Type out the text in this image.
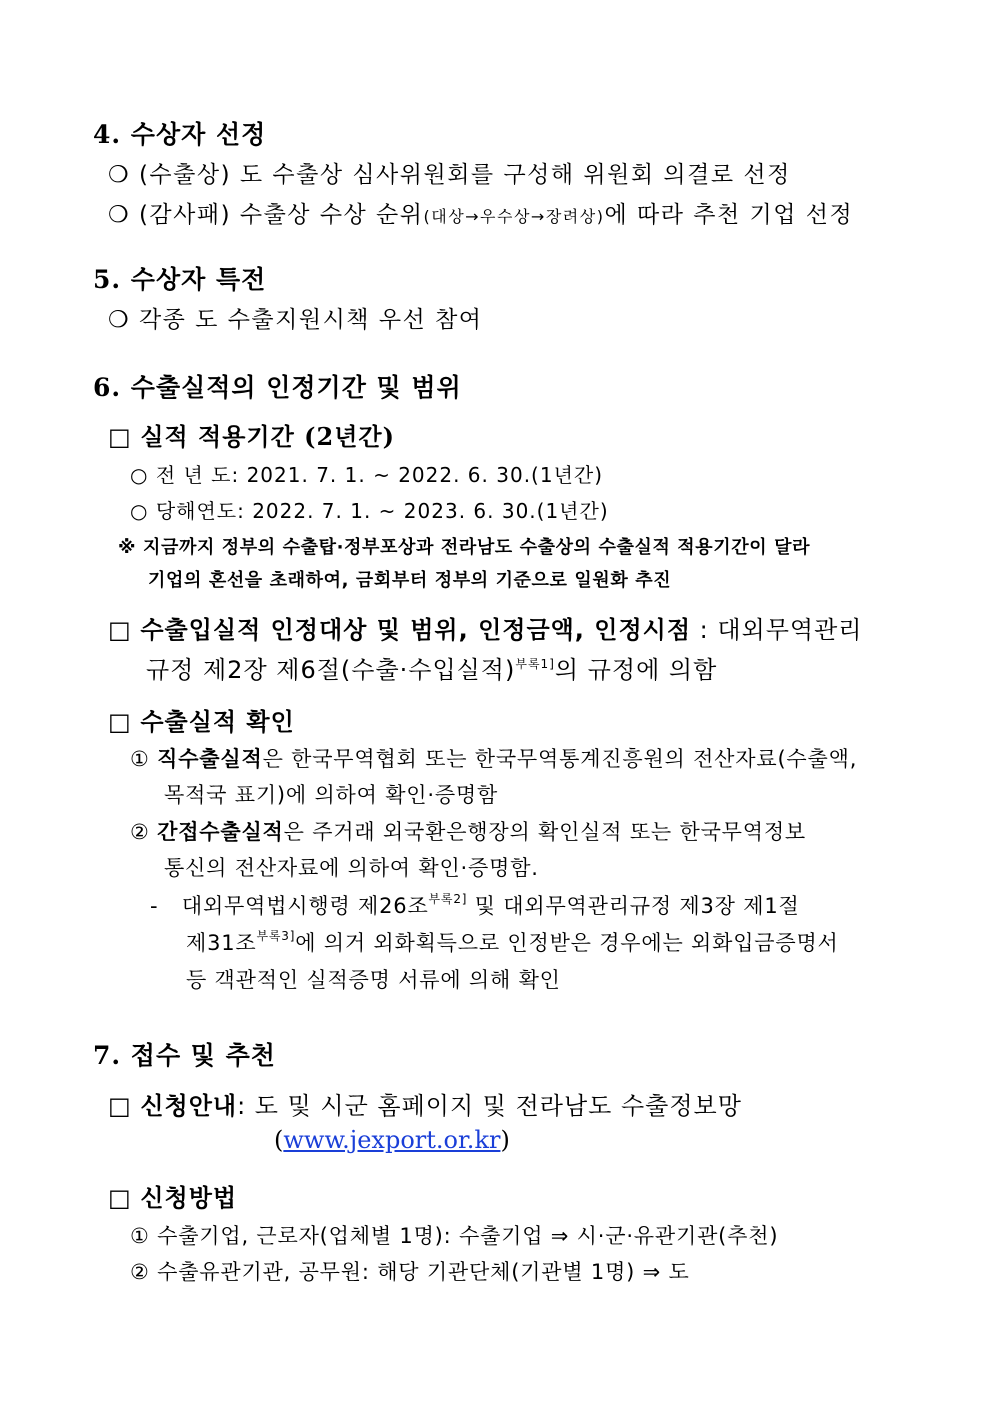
4. 수상자 선정
❍ (수출상) 도 수출상 심사위원회를 구성해 위원회 의결로 선정
❍ (감사패) 수출상 수상 순위(대상→우수상→장려상)에 따라 추천 기업 선정
5. 수상자 특전
❍ 각종 도 수출지원시책 우선 참여
6. 수출실적의 인정기간 및 범위
□ 실적 적용기간 (2년간)
○ 전 년 도: 2021. 7. 1. ~ 2022. 6. 30.(1년간)
○ 당해연도: 2022. 7. 1. ~ 2023. 6. 30.(1년간)
※ 지금까지 정부의 수출탑·정부포상과 전라남도 수출상의 수출실적 적용기간이 달라
기업의 혼선을 초래하여, 금회부터 정부의 기준으로 일원화 추진
□ 수출입실적 인정대상 및 범위, 인정금액, 인정시점 : 대외무역관리
규정 제2장 제6절(수출·수입실적)$^{부록1]}$의 규정에 의함
□ 수출실적 확인
① 직수출실적은 한국무역협회 또는 한국무역통계진흥원의 전산자료(수출액,
목적국 표기)에 의하여 확인·증명함
② 간접수출실적은 주거래 외국환은행장의 확인실적 또는 한국무역정보
통신의 전산자료에 의하여 확인·증명함.
- 대외무역법시행령 제26조$^{부록2]}$ 및 대외무역관리규정 제3장 제1절
제31조$^{부록3]}$에 의거 외화획득으로 인정받은 경우에는 외화입금증명서
등 객관적인 실적증명 서류에 의해 확인
7. 접수 및 추천
□ 신청안내: 도 및 시군 홈페이지 및 전라남도 수출정보망
(www.jexport.or.kr)
□ 신청방법
① 수출기업, 근로자(업체별 1명): 수출기업 ⇒ 시·군·유관기관(추천)
② 수출유관기관, 공무원: 해당 기관단체(기관별 1명) ⇒ 도
